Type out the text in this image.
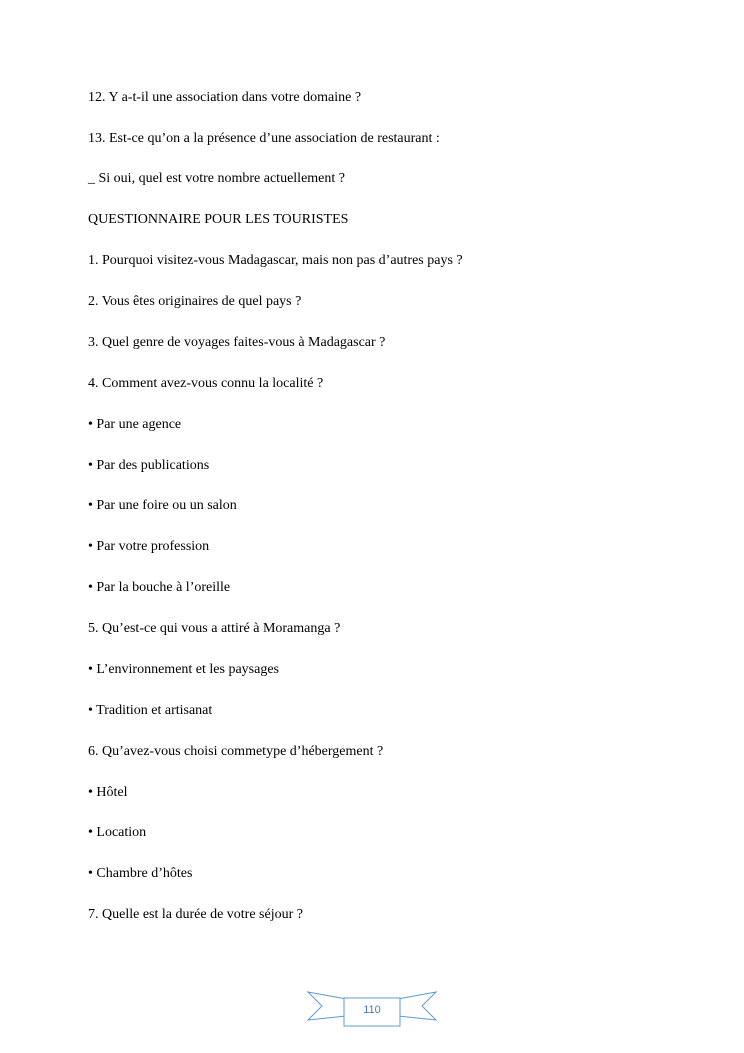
12. Y a-t-il une association dans votre domaine ?
13. Est-ce qu’on a la présence d’une association de restaurant :
_ Si oui, quel est votre nombre actuellement ?
QUESTIONNAIRE POUR LES TOURISTES
1. Pourquoi visitez-vous Madagascar, mais non pas d’autres pays ?
2. Vous êtes originaires de quel pays ?
3. Quel genre de voyages faites-vous à Madagascar ?
4. Comment avez-vous connu la localité ?
• Par une agence
• Par des publications
• Par une foire ou un salon
• Par votre profession
• Par la bouche à l’oreille
5. Qu’est-ce qui vous a attiré à Moramanga ?
• L’environnement et les paysages
• Tradition et artisanat
6. Qu’avez-vous choisi commetype d’hébergement ?
• Hôtel
• Location
• Chambre d’hôtes
7. Quelle est la durée de votre séjour ?
110
